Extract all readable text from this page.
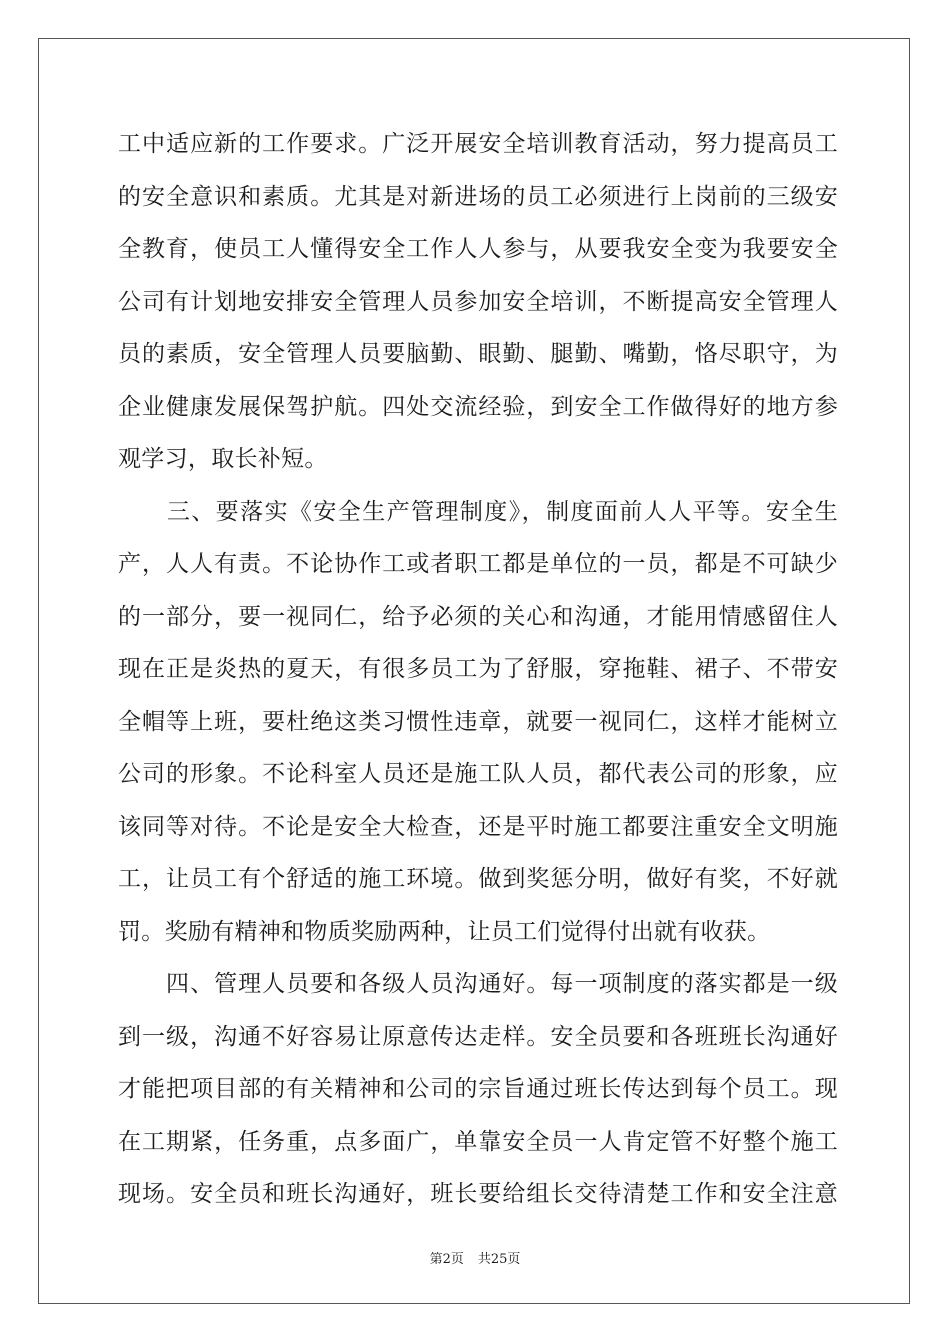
工中适应新的工作要求。广泛开展安全培训教育活动，努力提高员工
的安全意识和素质。尤其是对新进场的员工必须进行上岗前的三级安
全教育，使员工人懂得安全工作人人参与，从要我安全变为我要安全
公司有计划地安排安全管理人员参加安全培训，不断提高安全管理人
员的素质，安全管理人员要脑勤、眼勤、腿勤、嘴勤，恪尽职守，为
企业健康发展保驾护航。四处交流经验，到安全工作做得好的地方参
观学习，取长补短。
　　三、要落实《安全生产管理制度》，制度面前人人平等。安全生
产，人人有责。不论协作工或者职工都是单位的一员，都是不可缺少
的一部分，要一视同仁，给予必须的关心和沟通，才能用情感留住人
现在正是炎热的夏天，有很多员工为了舒服，穿拖鞋、裙子、不带安
全帽等上班，要杜绝这类习惯性违章，就要一视同仁，这样才能树立
公司的形象。不论科室人员还是施工队人员，都代表公司的形象，应
该同等对待。不论是安全大检查，还是平时施工都要注重安全文明施
工，让员工有个舒适的施工环境。做到奖惩分明，做好有奖，不好就
罚。奖励有精神和物质奖励两种，让员工们觉得付出就有收获。
　　四、管理人员要和各级人员沟通好。每一项制度的落实都是一级
到一级，沟通不好容易让原意传达走样。安全员要和各班班长沟通好
才能把项目部的有关精神和公司的宗旨通过班长传达到每个员工。现
在工期紧，任务重，点多面广，单靠安全员一人肯定管不好整个施工
现场。安全员和班长沟通好，班长要给组长交待清楚工作和安全注意
第2页 共25页
